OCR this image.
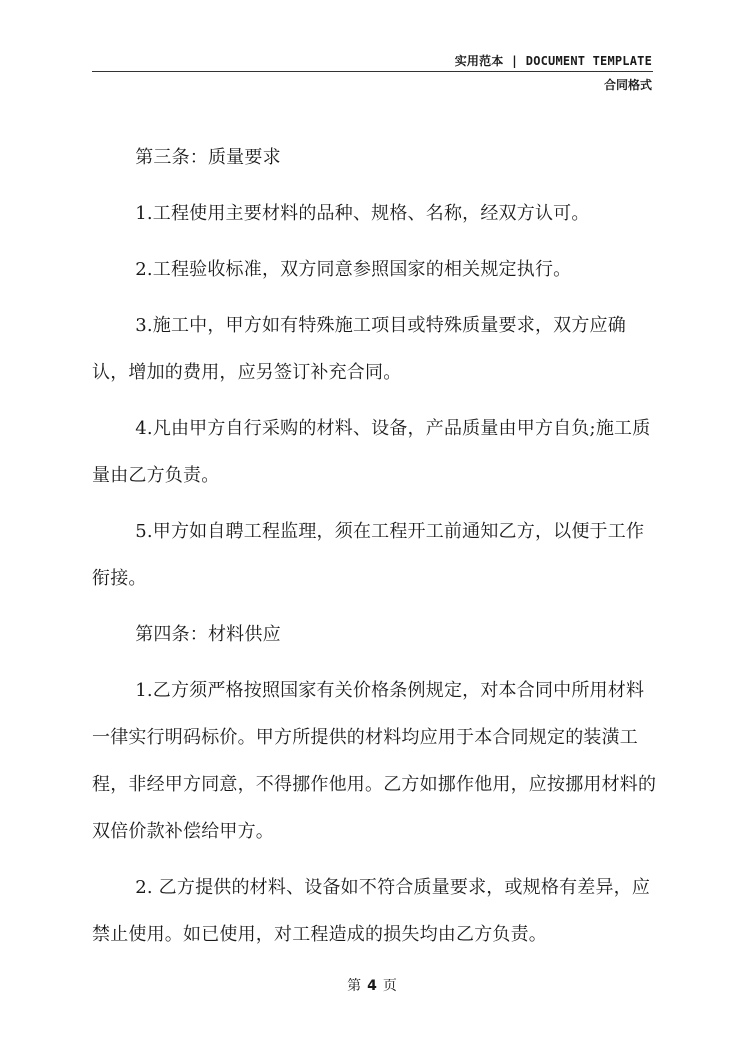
实用范本 | DOCUMENT TEMPLATE
合同格式

第三条：质量要求

1.工程使用主要材料的品种、规格、名称，经双方认可。

2.工程验收标准，双方同意参照国家的相关规定执行。

3.施工中，甲方如有特殊施工项目或特殊质量要求，双方应确认，增加的费用，应另签订补充合同。

4.凡由甲方自行采购的材料、设备，产品质量由甲方自负;施工质量由乙方负责。

5.甲方如自聘工程监理，须在工程开工前通知乙方，以便于工作衔接。

第四条：材料供应

1.乙方须严格按照国家有关价格条例规定，对本合同中所用材料一律实行明码标价。甲方所提供的材料均应用于本合同规定的装潢工程，非经甲方同意，不得挪作他用。乙方如挪作他用，应按挪用材料的双倍价款补偿给甲方。

2. 乙方提供的材料、设备如不符合质量要求，或规格有差异，应禁止使用。如已使用，对工程造成的损失均由乙方负责。

第 4 页
